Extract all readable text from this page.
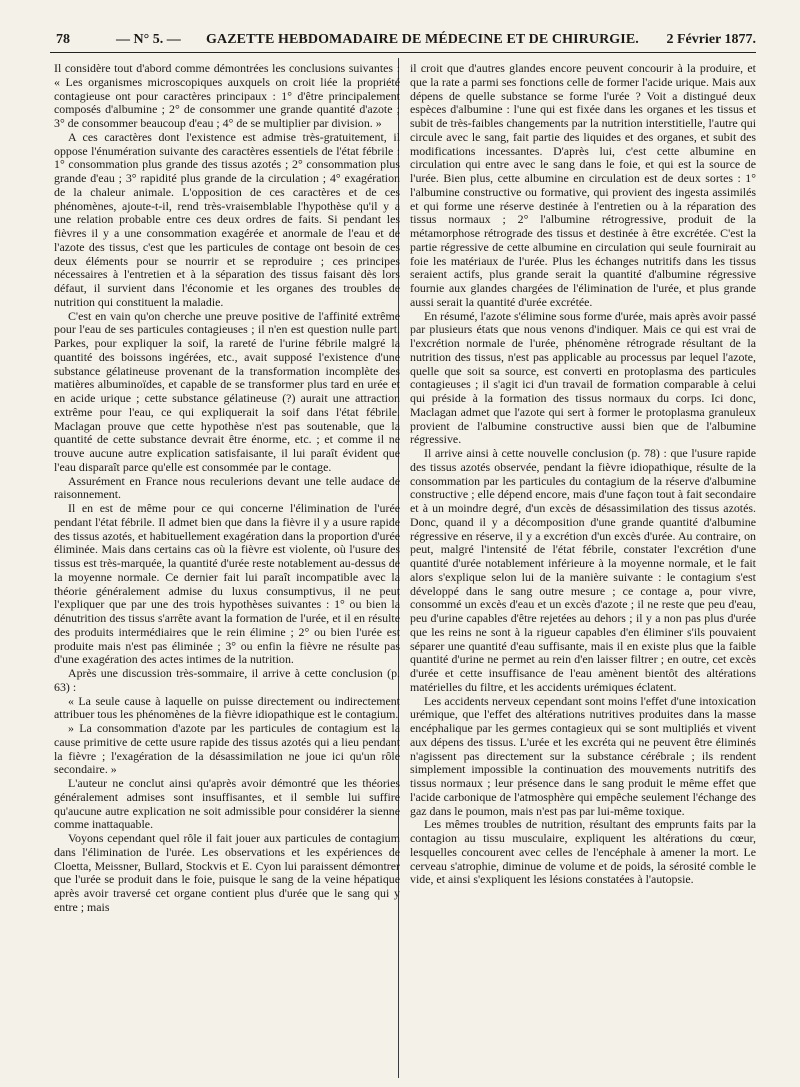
78	— N° 5. — GAZETTE HEBDOMADAIRE DE MÉDECINE ET DE CHIRURGIE. 2 Février 1877.

Il considère tout d'abord comme démontrées les conclusions suivantes : « Les organismes microscopiques auxquels on croit liée la propriété contagieuse ont pour caractères principaux : 1° d'être principalement composés d'albumine ; 2° de consommer une grande quantité d'azote ; 3° de consommer beaucoup d'eau ; 4° de se multiplier par division. »

A ces caractères dont l'existence est admise très-gratuitement, il oppose l'énumération suivante des caractères essentiels de l'état fébrile : 1° consommation plus grande des tissus azotés ; 2° consommation plus grande d'eau ; 3° rapidité plus grande de la circulation ; 4° exagération de la chaleur animale. L'opposition de ces caractères et de ces phénomènes, ajoute-t-il, rend très-vraisemblable l'hypothèse qu'il y a une relation probable entre ces deux ordres de faits. Si pendant les fièvres il y a une consommation exagérée et anormale de l'eau et de l'azote des tissus, c'est que les particules de contage ont besoin de ces deux éléments pour se nourrir et se reproduire ; ces principes nécessaires à l'entretien et à la séparation des tissus faisant dès lors défaut, il survient dans l'économie et les organes des troubles de nutrition qui constituent la maladie.

C'est en vain qu'on cherche une preuve positive de l'affinité extrême pour l'eau de ses particules contagieuses ; il n'en est question nulle part. Parkes, pour expliquer la soif, la rareté de l'urine fébrile malgré la quantité des boissons ingérées, etc., avait supposé l'existence d'une substance gélatineuse provenant de la transformation incomplète des matières albuminoïdes, et capable de se transformer plus tard en urée et en acide urique ; cette substance gélatineuse (?) aurait une attraction extrême pour l'eau, ce qui expliquerait la soif dans l'état fébrile. Maclagan prouve que cette hypothèse n'est pas soutenable, que la quantité de cette substance devrait être énorme, etc. ; et comme il ne trouve aucune autre explication satisfaisante, il lui paraît évident que l'eau disparaît parce qu'elle est consommée par le contage.

Assurément en France nous reculerions devant une telle audace de raisonnement.

Il en est de même pour ce qui concerne l'élimination de l'urée pendant l'état fébrile. Il admet bien que dans la fièvre il y a usure rapide des tissus azotés, et habituellement exagération dans la proportion d'urée éliminée. Mais dans certains cas où la fièvre est violente, où l'usure des tissus est très-marquée, la quantité d'urée reste notablement au-dessus de la moyenne normale. Ce dernier fait lui paraît incompatible avec la théorie généralement admise du luxus consumptivus, il ne peut l'expliquer que par une des trois hypothèses suivantes : 1° ou bien la dénutrition des tissus s'arrête avant la formation de l'urée, et il en résulte des produits intermédiaires que le rein élimine ; 2° ou bien l'urée est produite mais n'est pas éliminée ; 3° ou enfin la fièvre ne résulte pas d'une exagération des actes intimes de la nutrition.

Après une discussion très-sommaire, il arrive à cette conclusion (p. 63) :

« La seule cause à laquelle on puisse directement ou indirectement attribuer tous les phénomènes de la fièvre idiopathique est le contagium.

» La consommation d'azote par les particules de contagium est la cause primitive de cette usure rapide des tissus azotés qui a lieu pendant la fièvre ; l'exagération de la désassimilation ne joue ici qu'un rôle secondaire. »

L'auteur ne conclut ainsi qu'après avoir démontré que les théories généralement admises sont insuffisantes, et il semble lui suffire qu'aucune autre explication ne soit admissible pour considérer la sienne comme inattaquable.

Voyons cependant quel rôle il fait jouer aux particules de contagium dans l'élimination de l'urée. Les observations et les expériences de Cloetta, Meissner, Bullard, Stockvis et E. Cyon lui paraissent démontrer que l'urée se produit dans le foie, puisque le sang de la veine hépatique après avoir traversé cet organe contient plus d'urée que le sang qui y entre ; mais

il croit que d'autres glandes encore peuvent concourir à la produire, et que la rate a parmi ses fonctions celle de former l'acide urique. Mais aux dépens de quelle substance se forme l'urée ? Voit a distingué deux espèces d'albumine : l'une qui est fixée dans les organes et les tissus et subit de très-faibles changements par la nutrition interstitielle, l'autre qui circule avec le sang, fait partie des liquides et des organes, et subit des modifications incessantes. D'après lui, c'est cette albumine en circulation qui entre avec le sang dans le foie, et qui est la source de l'urée. Bien plus, cette albumine en circulation est de deux sortes : 1° l'albumine constructive ou formative, qui provient des ingesta assimilés et qui forme une réserve destinée à l'entretien ou à la réparation des tissus normaux ; 2° l'albumine rétrogressive, produit de la métamorphose rétrograde des tissus et destinée à être excrétée. C'est la partie régressive de cette albumine en circulation qui seule fournirait au foie les matériaux de l'urée. Plus les échanges nutritifs dans les tissus seraient actifs, plus grande serait la quantité d'albumine régressive fournie aux glandes chargées de l'élimination de l'urée, et plus grande aussi serait la quantité d'urée excrétée.

En résumé, l'azote s'élimine sous forme d'urée, mais après avoir passé par plusieurs états que nous venons d'indiquer. Mais ce qui est vrai de l'excrétion normale de l'urée, phénomène rétrograde résultant de la nutrition des tissus, n'est pas applicable au processus par lequel l'azote, quelle que soit sa source, est converti en protoplasma des particules contagieuses ; il s'agit ici d'un travail de formation comparable à celui qui préside à la formation des tissus normaux du corps. Ici donc, Maclagan admet que l'azote qui sert à former le protoplasma granuleux provient de l'albumine constructive aussi bien que de l'albumine régressive.

Il arrive ainsi à cette nouvelle conclusion (p. 78) : que l'usure rapide des tissus azotés observée, pendant la fièvre idiopathique, résulte de la consommation par les particules du contagium de la réserve d'albumine constructive ; elle dépend encore, mais d'une façon tout à fait secondaire et à un moindre degré, d'un excès de désassimilation des tissus azotés. Donc, quand il y a décomposition d'une grande quantité d'albumine régressive en réserve, il y a excrétion d'un excès d'urée. Au contraire, on peut, malgré l'intensité de l'état fébrile, constater l'excrétion d'une quantité d'urée notablement inférieure à la moyenne normale, et le fait alors s'explique selon lui de la manière suivante : le contagium s'est développé dans le sang outre mesure ; ce contage a, pour vivre, consommé un excès d'eau et un excès d'azote ; il ne reste que peu d'eau, peu d'urine capables d'être rejetées au dehors ; il y a non pas plus d'urée que les reins ne sont à la rigueur capables d'en éliminer s'ils pouvaient séparer une quantité d'eau suffisante, mais il en existe plus que la faible quantité d'urine ne permet au rein d'en laisser filtrer ; en outre, cet excès d'urée et cette insuffisance de l'eau amènent bientôt des altérations matérielles du filtre, et les accidents urémiques éclatent.

Les accidents nerveux cependant sont moins l'effet d'une intoxication urémique, que l'effet des altérations nutritives produites dans la masse encéphalique par les germes contagieux qui se sont multipliés et vivent aux dépens des tissus. L'urée et les excréta qui ne peuvent être éliminés n'agissent pas directement sur la substance cérébrale ; ils rendent simplement impossible la continuation des mouvements nutritifs des tissus normaux ; leur présence dans le sang produit le même effet que l'acide carbonique de l'atmosphère qui empêche seulement l'échange des gaz dans le poumon, mais n'est pas par lui-même toxique.

Les mêmes troubles de nutrition, résultant des emprunts faits par la contagion au tissu musculaire, expliquent les altérations du cœur, lesquelles concourent avec celles de l'encéphale à amener la mort. Le cerveau s'atrophie, diminue de volume et de poids, la sérosité comble le vide, et ainsi s'expliquent les lésions constatées à l'autopsie.
